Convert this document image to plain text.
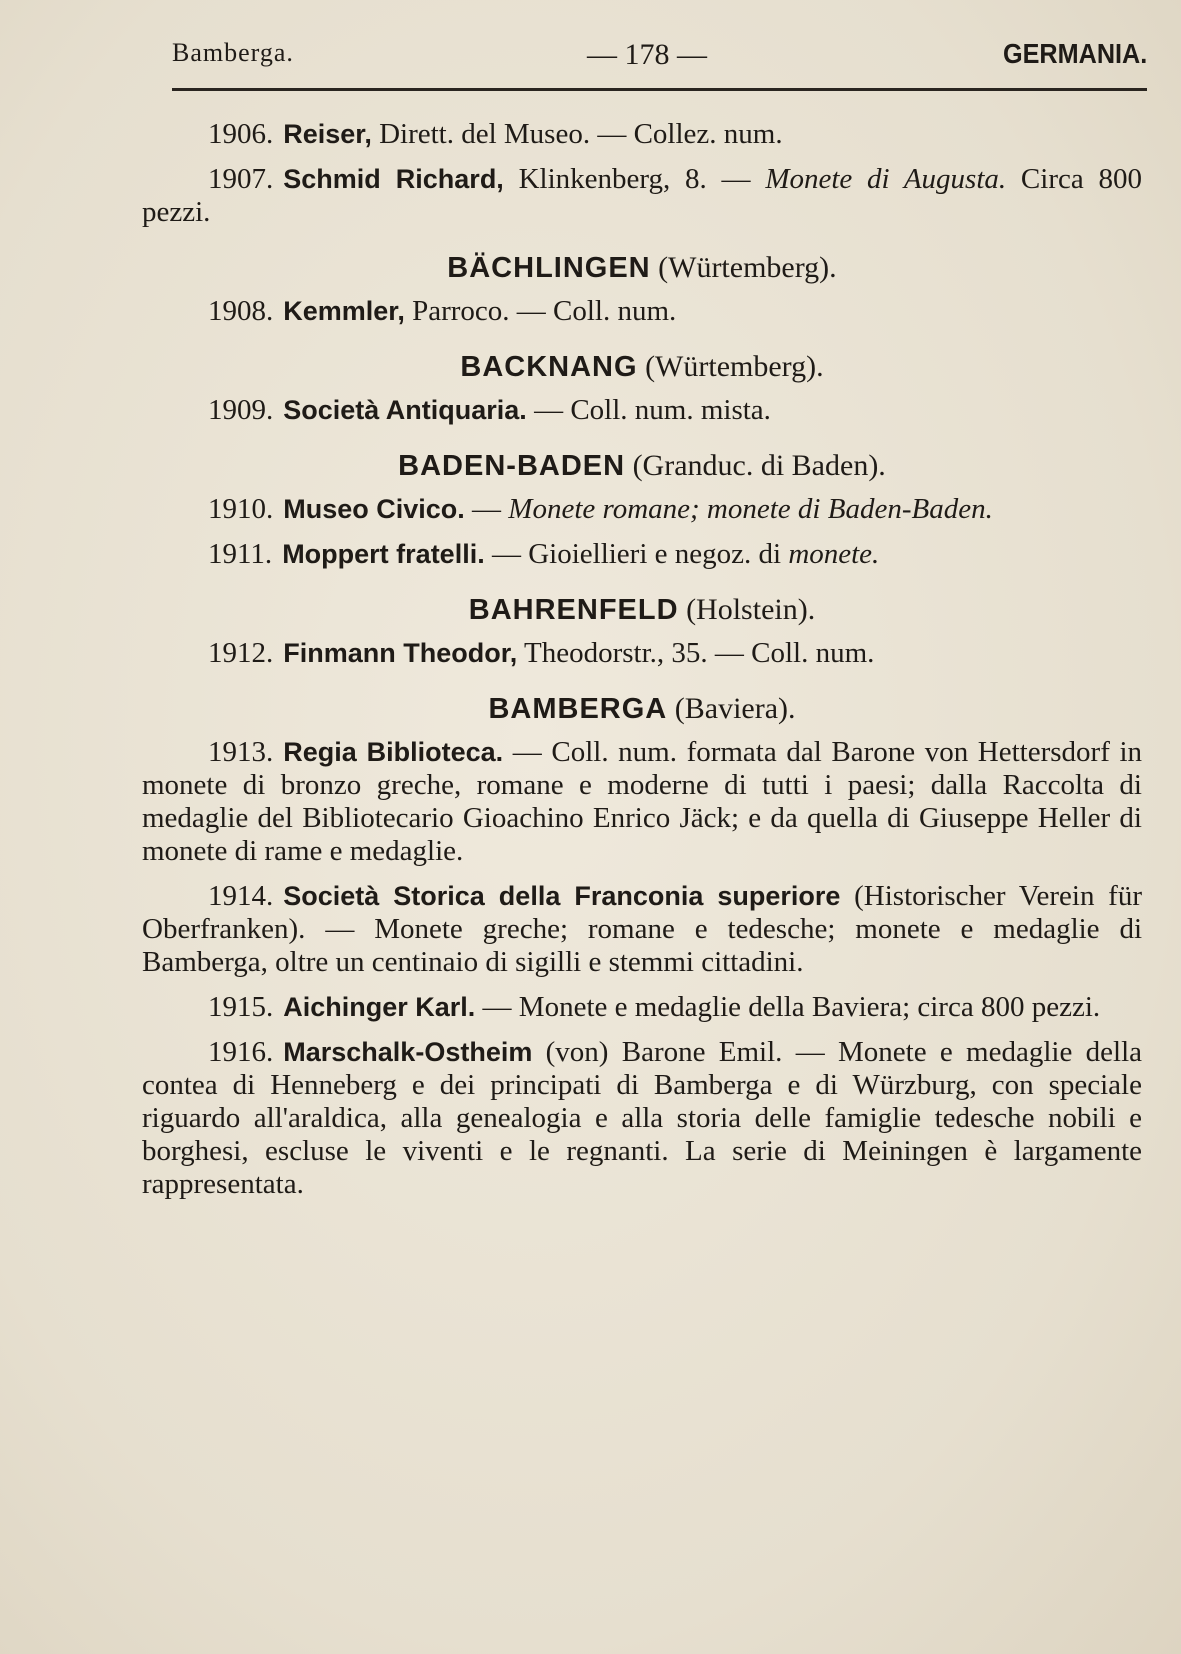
Bamberga.	— 178 —	GERMANIA.

1906. Reiser, Dirett. del Museo. — Collez. num.

1907. Schmid Richard, Klinkenberg, 8. — Monete di Augusta. Circa 800 pezzi.

BÄCHLINGEN (Würtemberg).

1908. Kemmler, Parroco. — Coll. num.

BACKNANG (Würtemberg).

1909. Società Antiquaria. — Coll. num. mista.

BADEN-BADEN (Granduc. di Baden).

1910. Museo Civico. — Monete romane; monete di Baden-Baden.

1911. Moppert fratelli. — Gioiellieri e negoz. di monete.

BAHRENFELD (Holstein).

1912. Finmann Theodor, Theodorstr., 35. — Coll. num.

BAMBERGA (Baviera).

1913. Regia Biblioteca. — Coll. num. formata dal Barone von Hettersdorf in monete di bronzo greche, romane e moderne di tutti i paesi; dalla Raccolta di medaglie del Bibliotecario Gioachino Enrico Jäck; e da quella di Giuseppe Heller di monete di rame e medaglie.

1914. Società Storica della Franconia superiore (Historischer Verein für Oberfranken). — Monete greche; romane e tedesche; monete e medaglie di Bamberga, oltre un centinaio di sigilli e stemmi cittadini.

1915. Aichinger Karl. — Monete e medaglie della Baviera; circa 800 pezzi.

1916. Marschalk-Ostheim (von) Barone Emil. — Monete e medaglie della contea di Henneberg e dei principati di Bamberga e di Würzburg, con speciale riguardo all'araldica, alla genealogia e alla storia delle famiglie tedesche nobili e borghesi, escluse le viventi e le regnanti. La serie di Meiningen è largamente rappresentata.
